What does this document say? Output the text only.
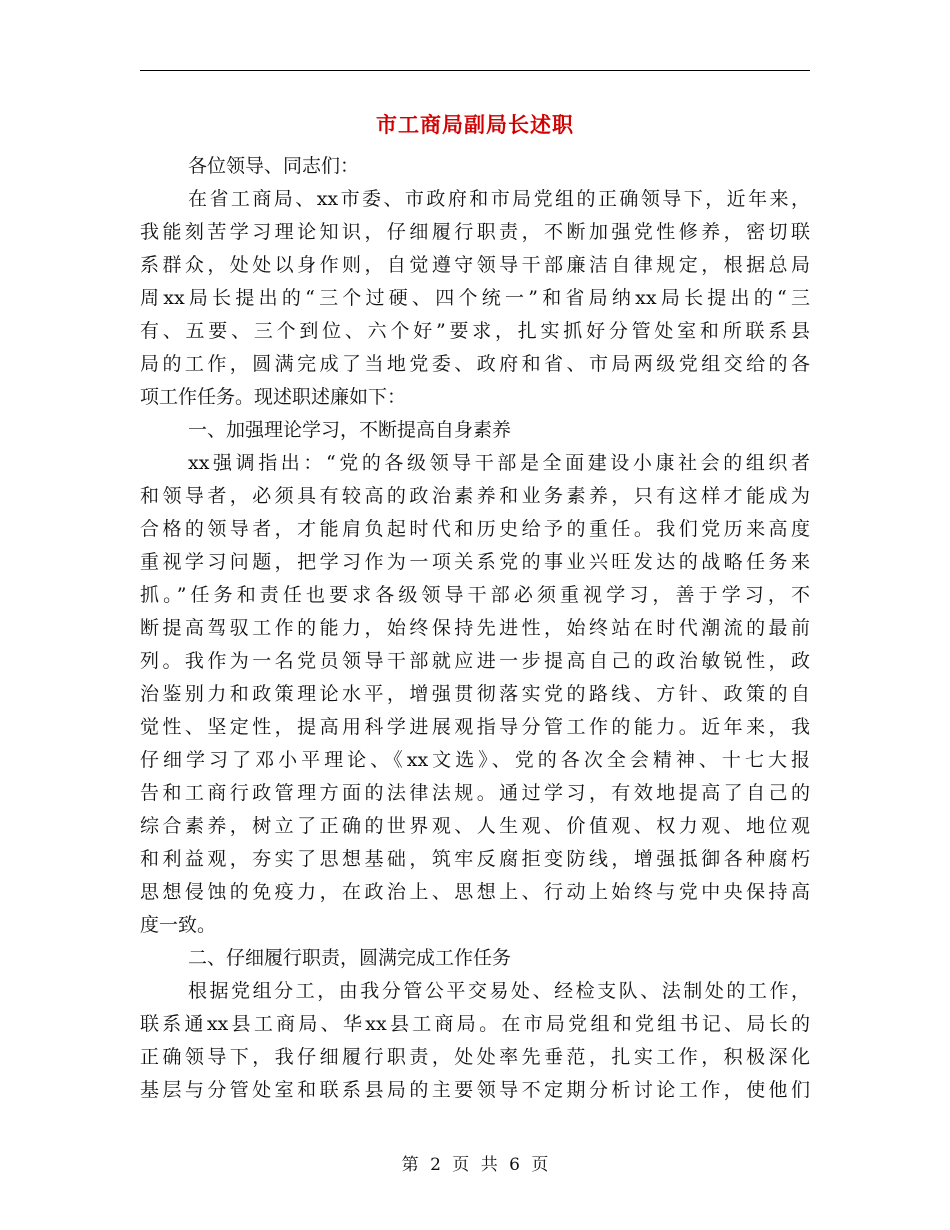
市工商局副局长述职
各位领导、同志们：
在省工商局、xx市委、市政府和市局党组的正确领导下，近年来，
我能刻苦学习理论知识，仔细履行职责，不断加强党性修养，密切联
系群众，处处以身作则，自觉遵守领导干部廉洁自律规定，根据总局
周xx局长提出的“三个过硬、四个统一”和省局纳xx局长提出的“三
有、五要、三个到位、六个好”要求，扎实抓好分管处室和所联系县
局的工作，圆满完成了当地党委、政府和省、市局两级党组交给的各
项工作任务。现述职述廉如下：
一、加强理论学习，不断提高自身素养
xx强调指出：“党的各级领导干部是全面建设小康社会的组织者
和领导者，必须具有较高的政治素养和业务素养，只有这样才能成为
合格的领导者，才能肩负起时代和历史给予的重任。我们党历来高度
重视学习问题，把学习作为一项关系党的事业兴旺发达的战略任务来
抓。”任务和责任也要求各级领导干部必须重视学习，善于学习，不
断提高驾驭工作的能力，始终保持先进性，始终站在时代潮流的最前
列。我作为一名党员领导干部就应进一步提高自己的政治敏锐性，政
治鉴别力和政策理论水平，增强贯彻落实党的路线、方针、政策的自
觉性、坚定性，提高用科学进展观指导分管工作的能力。近年来，我
仔细学习了邓小平理论、《xx文选》、党的各次全会精神、十七大报
告和工商行政管理方面的法律法规。通过学习，有效地提高了自己的
综合素养，树立了正确的世界观、人生观、价值观、权力观、地位观
和利益观，夯实了思想基础，筑牢反腐拒变防线，增强抵御各种腐朽
思想侵蚀的免疫力，在政治上、思想上、行动上始终与党中央保持高
度一致。
二、仔细履行职责，圆满完成工作任务
根据党组分工，由我分管公平交易处、经检支队、法制处的工作，
联系通xx县工商局、华xx县工商局。在市局党组和党组书记、局长的
正确领导下，我仔细履行职责，处处率先垂范，扎实工作，积极深化
基层与分管处室和联系县局的主要领导不定期分析讨论工作，使他们
第 2 页 共 6 页
